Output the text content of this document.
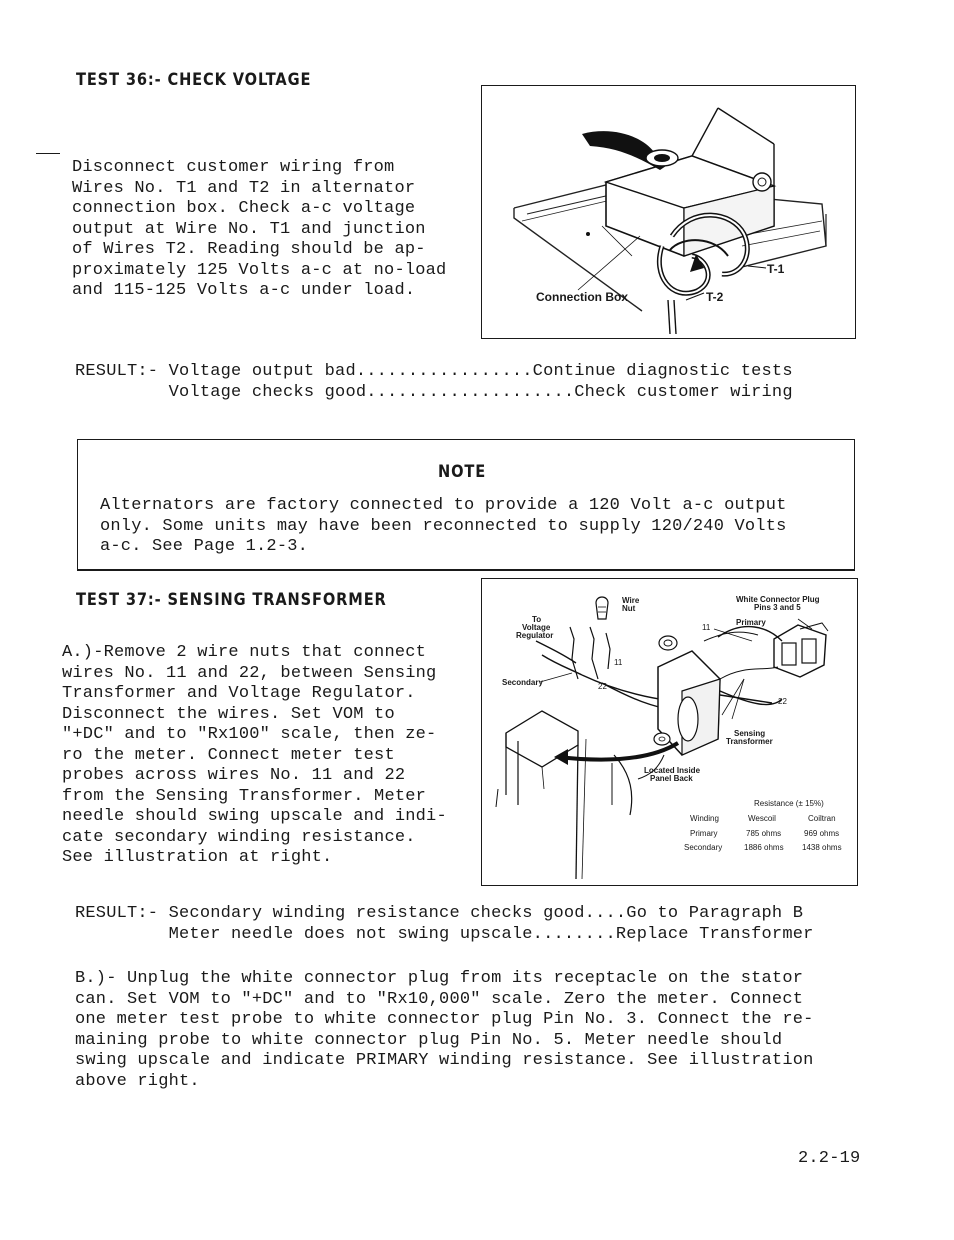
TEST 36:- CHECK VOLTAGE
Disconnect customer wiring from
Wires No. T1 and T2 in alternator
connection box. Check a-c voltage
output at Wire No. T1 and junction
of Wires T2. Reading should be ap-
proximately 125 Volts a-c at no-load
and 115-125 Volts a-c under load.	Connection Box
T-1
T-2
RESULT:- Voltage output bad.................Continue diagnostic tests
Voltage checks good....................Check customer wiring
NOTE
Alternators are factory connected to provide a 120 Volt a-c output
only. Some units may have been reconnected to supply 120/240 Volts
a-c. See Page 1.2-3.
TEST 37:- SENSING TRANSFORMER
A.)-Remove 2 wire nuts that connect
wires No. 11 and 22, between Sensing
Transformer and Voltage Regulator.
Disconnect the wires. Set VOM to
"+DC" and to "Rx100" scale, then ze-
ro the meter. Connect meter test
probes across wires No. 11 and 22
from the Sensing Transformer. Meter
needle should swing upscale and indi-
cate secondary winding resistance.
See illustration at right.
Wire
Nut
To
Voltage
Regulator
Secondary
11
22
White Connector Plug
Pins 3 and 5
Primary
11
22
Sensing
Transformer
Located Inside
Panel Back
Resistance (± 15%)
Winding	Wescoil	Coiltran
Primary	785 ohms	969 ohms
Secondary	1886 ohms 1438 ohms
RESULT:- Secondary winding resistance checks good....Go to Paragraph B
Meter needle does not swing upscale........Replace Transformer
B.)- Unplug the white connector plug from its receptacle on the stator
can. Set VOM to "+DC" and to "Rx10,000" scale. Zero the meter. Connect
one meter test probe to white connector plug Pin No. 3. Connect the re-
maining probe to white connector plug Pin No. 5. Meter needle should
swing upscale and indicate PRIMARY winding resistance. See illustration
above right.
2.2-19
